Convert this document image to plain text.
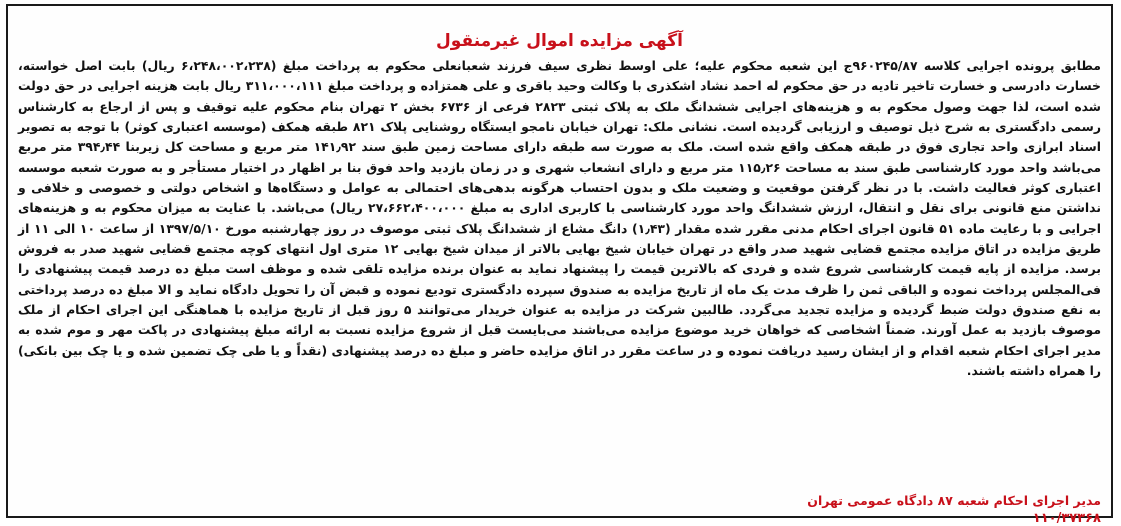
آگهی مزایده اموال غیرمنقول
مطابق پرونده اجرایی کلاسه ۹۶۰۲۴۵/۸۷ج این شعبه محکوم علیه؛ علی اوسط نظری سیف فرزند شعبانعلی محکوم به پرداخت مبلغ (۶،۲۴۸،۰۰۲،۲۳۸ ریال) بابت اصل خواسته، خسارت دادرسی و خسارت تاخیر تادیه در حق محکوم له احمد نشاد اشکذری با وکالت وحید باقری و علی همتزاده و پرداخت مبلغ ۳۱۱،۰۰۰،۱۱۱ ریال بابت هزینه اجرایی در حق دولت شده است، لذا جهت وصول محکوم به و هزینه‌های اجرایی ششدانگ ملک به پلاک ثبتی ۲۸۲۳ فرعی از ۶۷۳۶ بخش ۲ تهران بنام محکوم علیه توقیف و پس از ارجاع به کارشناس رسمی دادگستری به شرح ذیل توصیف و ارزیابی گردیده است. نشانی ملک: تهران خیابان نامجو ایستگاه روشنایی پلاک ۸۲۱ طبقه همکف (موسسه اعتباری کوثر) با توجه به تصویر اسناد ابرازی واحد تجاری فوق در طبقه همکف واقع شده است. ملک به صورت سه طبقه دارای مساحت زمین طبق سند ۱۴۱٫۹۲ متر مربع و مساحت کل زیربنا ۳۹۴٫۴۴ متر مربع می‌باشد واحد مورد کارشناسی طبق سند به مساحت ۱۱۵٫۲۶ متر مربع و دارای انشعاب شهری و در زمان بازدید واحد فوق بنا بر اظهار در اختیار مستأجر و به صورت شعبه موسسه اعتباری کوثر فعالیت داشت. با در نظر گرفتن موقعیت و وضعیت ملک و بدون احتساب هرگونه بدهی‌های احتمالی به عوامل و دستگاه‌ها و اشخاص دولتی و خصوصی و خلافی و نداشتن منع قانونی برای نقل و انتقال، ارزش ششدانگ واحد مورد کارشناسی با کاربری اداری به مبلغ ۲۷،۶۶۲،۴۰۰،۰۰۰ ریال) می‌باشد. با عنایت به میزان محکوم به و هزینه‌های اجرایی و با رعایت ماده ۵۱ قانون اجرای احکام مدنی مقرر شده مقدار (۱٫۴۳) دانگ مشاع از ششدانگ پلاک ثبتی موصوف در روز چهارشنبه مورخ ۱۳۹۷/۵/۱۰ از ساعت ۱۰ الی ۱۱ از طریق مزایده در اتاق مزایده مجتمع قضایی شهید صدر واقع در تهران خیابان شیخ بهایی بالاتر از میدان شیخ بهایی ۱۲ متری اول انتهای کوچه مجتمع قضایی شهید صدر به فروش برسد. مزایده از پایه قیمت کارشناسی شروع شده و فردی که بالاترین قیمت را پیشنهاد نماید به عنوان برنده مزایده تلقی شده و موظف است مبلغ ده درصد قیمت پیشنهادی را فی‌المجلس پرداخت نموده و الباقی ثمن را ظرف مدت یک ماه از تاریخ مزایده به صندوق سپرده دادگستری تودیع نموده و قبض آن را تحویل دادگاه نماید و الا مبلغ ده درصد پرداختی به نفع صندوق دولت ضبط گردیده و مزایده تجدید می‌گردد. طالبین شرکت در مزایده به عنوان خریدار می‌توانند ۵ روز قبل از تاریخ مزایده با هماهنگی این اجرای احکام از ملک موصوف بازدید به عمل آورند. ضمناً اشخاصی که خواهان خرید موضوع مزایده می‌باشند می‌بایست قبل از شروع مزایده نسبت به ارائه مبلغ پیشنهادی در پاکت مهر و موم شده به مدیر اجرای احکام شعبه اقدام و از ایشان رسید دریافت نموده و در ساعت مقرر در اتاق مزایده حاضر و مبلغ ده درصد پیشنهادی (نقداً و یا طی چک تضمین شده و یا چک بین بانکی) را همراه داشته باشند.
مدیر اجرای احکام شعبه ۸۷ دادگاه عمومی تهران
۱۱۰/۳۷۳۶۸
